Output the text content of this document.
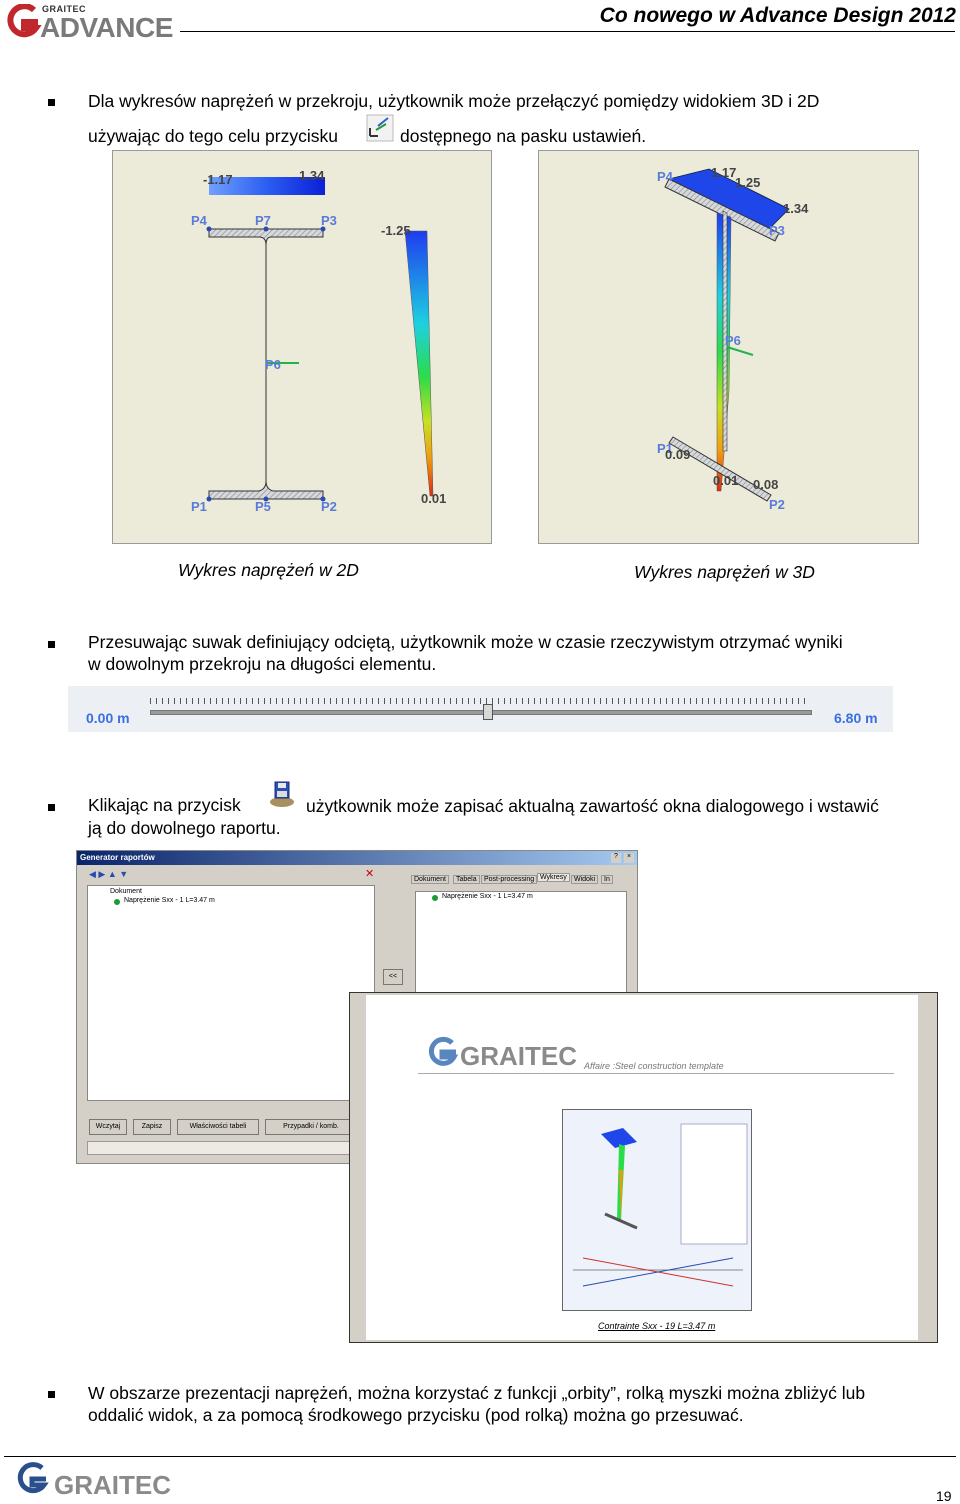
GRAITEC
ADVANCE	Co nowego w Advance Design 2012
Dla wykresów naprężeń w przekroju, użytkownik może przełączyć pomiędzy widokiem 3D i 2D
używając do tego celu przycisku	dostępnego na pasku ustawień.
-1.17	1.34
P4	P7	P3
P6
P1	P5	P2
-1.25
0.01
P4	1.17
1.25
1.34
P3
P6
P1
0.09
0.01 0.08
P2
Wykres naprężeń w 2D	Wykres naprężeń w 3D
Przesuwając suwak definiujący odciętą, użytkownik może w czasie rzeczywistym otrzymać wyniki
w dowolnym przekroju na długości elementu.
0.00 m	6.80 m
Klikając na przycisk	użytkownik może zapisać aktualną zawartość okna dialogowego i wstawić
ją do dowolnego raportu.
Generator raportów	?	×
◀ ▶ ▲ ▼	✕
Dokument
Naprężenie Sxx - 1 L=3.47 m
Dokument	Tabela	Post-processing Wykresy	Widoki	In
Naprężenie Sxx - 1 L=3.47 m
<<
Wczytaj	Zapisz	Właściwości tabeli	Przypadki / komb.
GRAITEC Affaire :Steel construction template
Contrainte Sxx - 19 L=3.47 m
W obszarze prezentacji naprężeń, można korzystać z funkcji „orbity”, rolką myszki można zbliżyć lub
oddalić widok, a za pomocą środkowego przycisku (pod rolką) można go przesuwać.
GRAITEC	19
